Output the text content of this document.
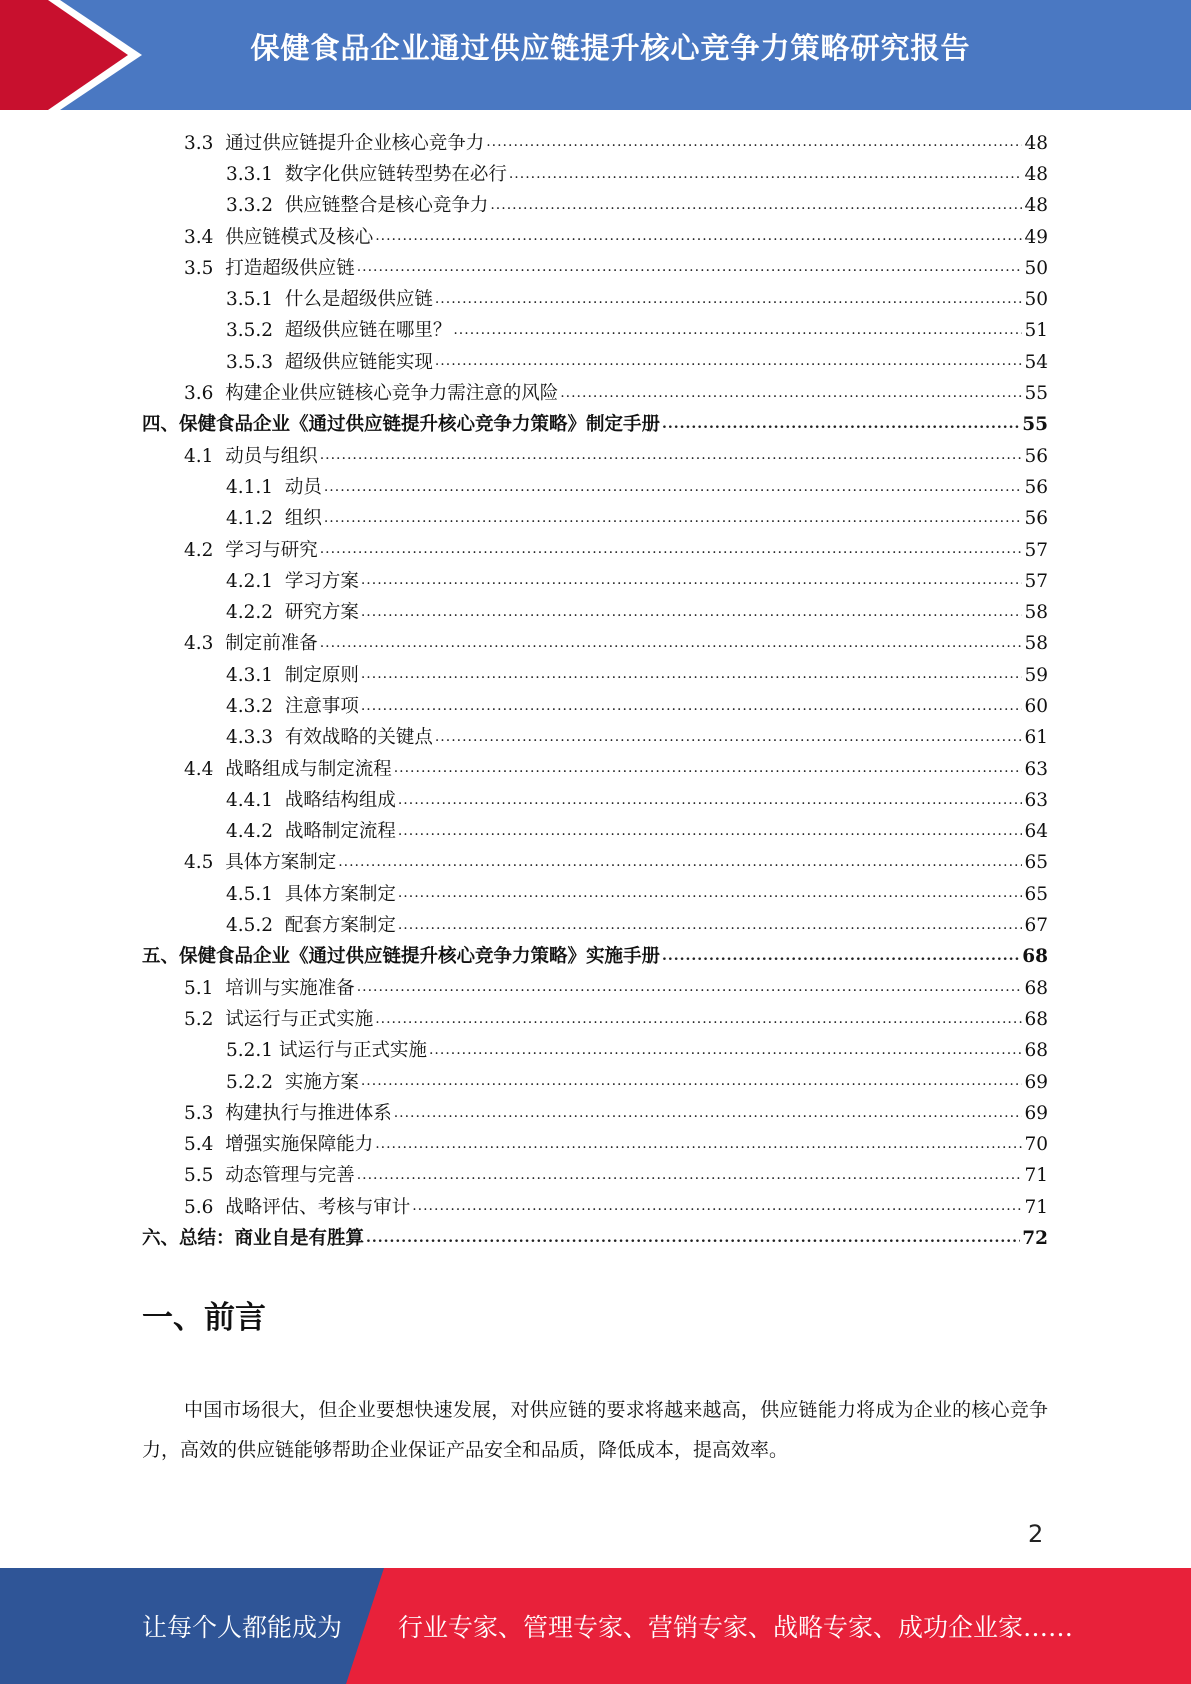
保健食品企业通过供应链提升核心竞争力策略研究报告
3.3 通过供应链提升企业核心竞争力 .....	48
3.3.1 数字化供应链转型势在必行 .....	48
3.3.2 供应链整合是核心竞争力 .....	48
3.4 供应链模式及核心 .....	49
3.5 打造超级供应链 .....	50
3.5.1 什么是超级供应链 .....	50
3.5.2 超级供应链在哪里？ .....	51
3.5.3 超级供应链能实现 .....	54
3.6 构建企业供应链核心竞争力需注意的风险 .....	55
四、 保健食品企业《通过供应链提升核心竞争力策略》制定手册 .....	55
4.1 动员与组织 .....	56
4.1.1 动员 .....	56
4.1.2 组织 .....	56
4.2 学习与研究 .....	57
4.2.1 学习方案 .....	57
4.2.2 研究方案 .....	58
4.3 制定前准备 .....	58
4.3.1 制定原则 .....	59
4.3.2 注意事项 .....	60
4.3.3 有效战略的关键点 .....	61
4.4 战略组成与制定流程 .....	63
4.4.1 战略结构组成 .....	63
4.4.2 战略制定流程 .....	64
4.5 具体方案制定 .....	65
4.5.1 具体方案制定 .....	65
4.5.2 配套方案制定 .....	67
五、 保健食品企业《通过供应链提升核心竞争力策略》实施手册 .....	68
5.1 培训与实施准备 .....	68
5.2 试运行与正式实施 .....	68
5.2.1 试运行与正式实施 .....	68
5.2.2 实施方案 .....	69
5.3 构建执行与推进体系 .....	69
5.4 增强实施保障能力 .....	70
5.5 动态管理与完善 .....	71
5.6 战略评估、考核与审计 .....	71
六、 总结：商业自是有胜算 .....	72
一、前言
中国市场很大，但企业要想快速发展，对供应链的要求将越来越高，供应链能力将成为企业的核心竞争力，高效的供应链能够帮助企业保证产品安全和品质，降低成本，提高效率。
2
让每个人都能成为 行业专家、管理专家、营销专家、战略专家、成功企业家……
